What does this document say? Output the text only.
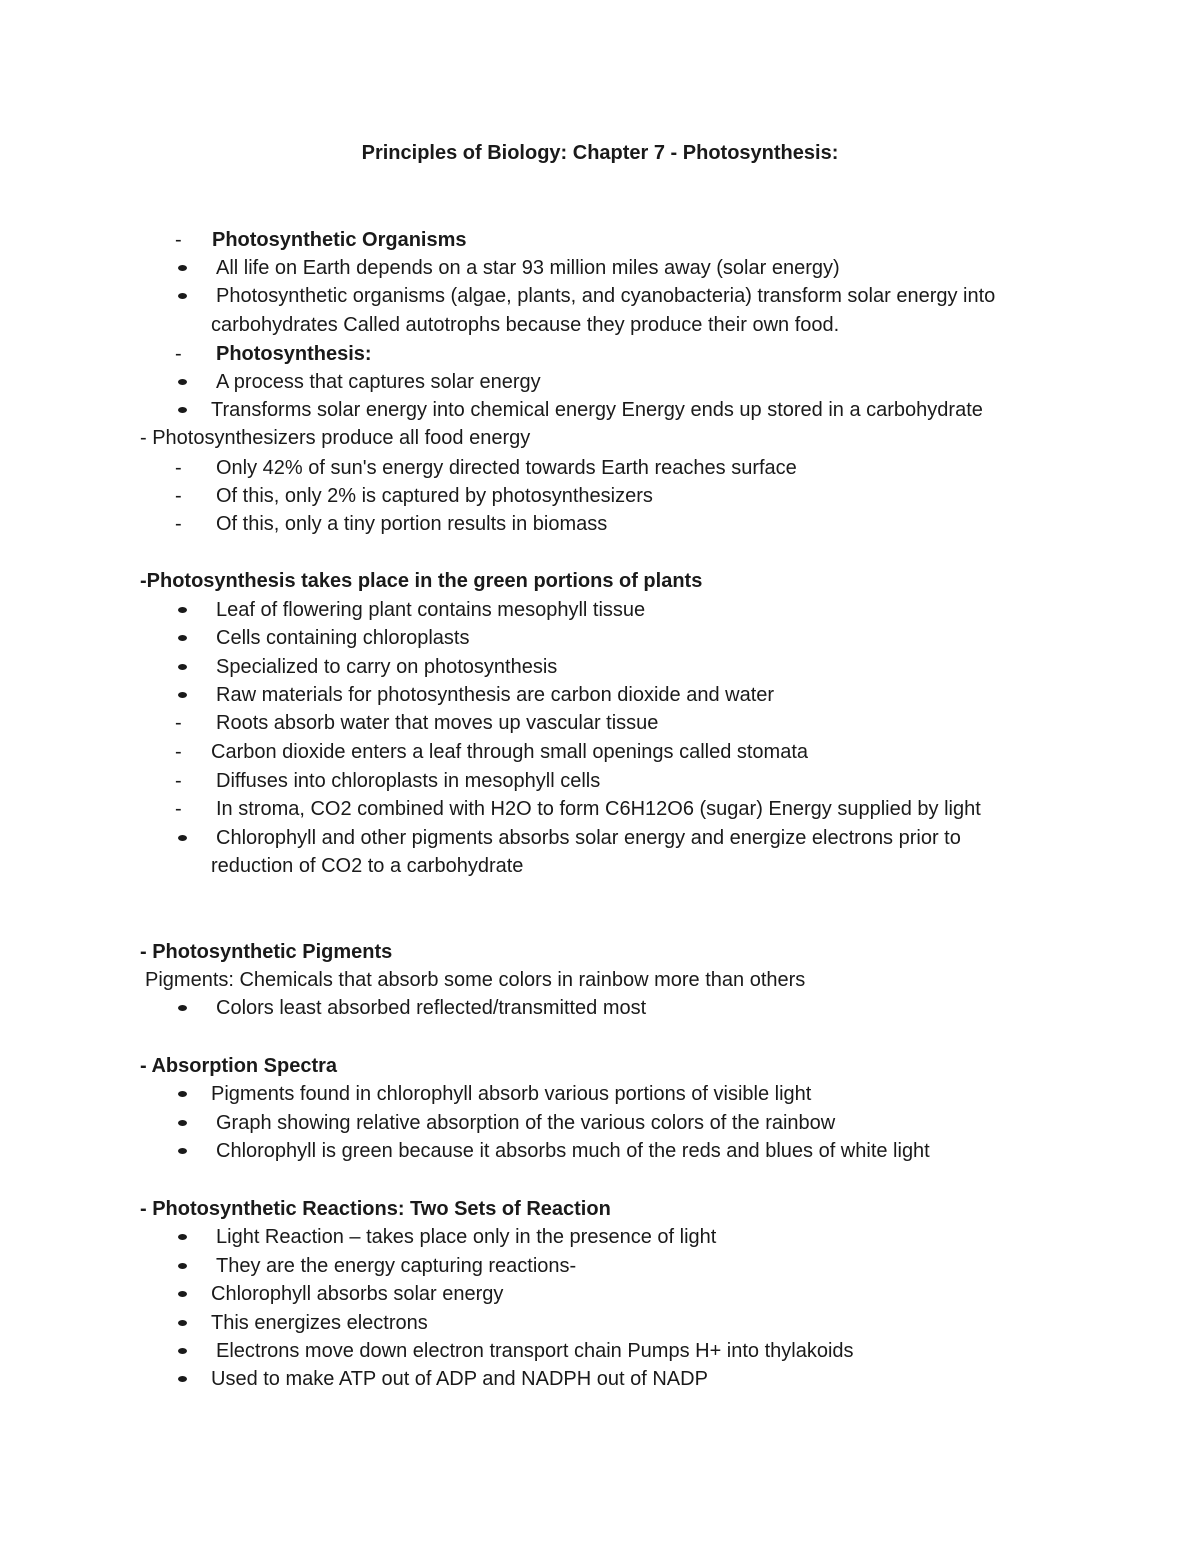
Principles of Biology: Chapter 7 - Photosynthesis:
- Photosynthetic Organisms
All life on Earth depends on a star 93 million miles away (solar energy)
Photosynthetic organisms (algae, plants, and cyanobacteria) transform solar energy into
carbohydrates Called autotrophs because they produce their own food.
- Photosynthesis:
A process that captures solar energy
Transforms solar energy into chemical energy Energy ends up stored in a carbohydrate
- Photosynthesizers produce all food energy
- Only 42% of sun's energy directed towards Earth reaches surface
- Of this, only 2% is captured by photosynthesizers
- Of this, only a tiny portion results in biomass
-Photosynthesis takes place in the green portions of plants
Leaf of flowering plant contains mesophyll tissue
Cells containing chloroplasts
Specialized to carry on photosynthesis
Raw materials for photosynthesis are carbon dioxide and water
- Roots absorb water that moves up vascular tissue
- Carbon dioxide enters a leaf through small openings called stomata
- Diffuses into chloroplasts in mesophyll cells
- In stroma, CO2 combined with H2O to form C6H12O6 (sugar) Energy supplied by light
Chlorophyll and other pigments absorbs solar energy and energize electrons prior to
reduction of CO2 to a carbohydrate
- Photosynthetic Pigments
Pigments: Chemicals that absorb some colors in rainbow more than others
Colors least absorbed reflected/transmitted most
- Absorption Spectra
Pigments found in chlorophyll absorb various portions of visible light
Graph showing relative absorption of the various colors of the rainbow
Chlorophyll is green because it absorbs much of the reds and blues of white light
- Photosynthetic Reactions: Two Sets of Reaction
Light Reaction – takes place only in the presence of light
They are the energy capturing reactions-
Chlorophyll absorbs solar energy
This energizes electrons
Electrons move down electron transport chain Pumps H+ into thylakoids
Used to make ATP out of ADP and NADPH out of NADP
